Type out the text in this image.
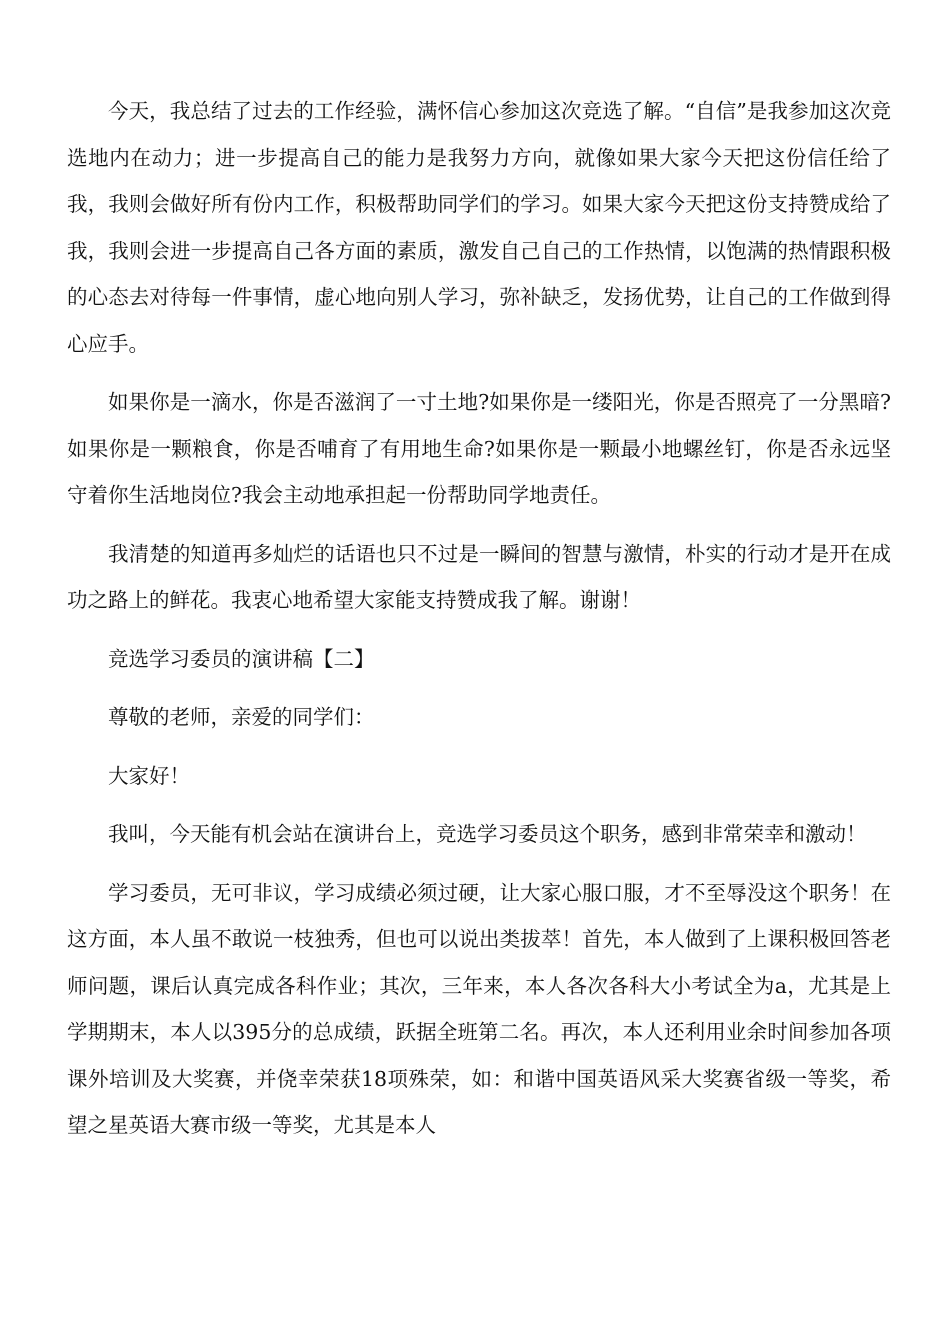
今天，我总结了过去的工作经验，满怀信心参加这次竞选了解。“自信”是我参加这次竞选地内在动力；进一步提高自己的能力是我努力方向，就像如果大家今天把这份信任给了我，我则会做好所有份内工作，积极帮助同学们的学习。如果大家今天把这份支持赞成给了我，我则会进一步提高自己各方面的素质，激发自己自己的工作热情，以饱满的热情跟积极的心态去对待每一件事情，虚心地向别人学习，弥补缺乏，发扬优势，让自己的工作做到得心应手。

如果你是一滴水，你是否滋润了一寸土地?如果你是一缕阳光，你是否照亮了一分黑暗?如果你是一颗粮食，你是否哺育了有用地生命?如果你是一颗最小地螺丝钉，你是否永远坚守着你生活地岗位?我会主动地承担起一份帮助同学地责任。

我清楚的知道再多灿烂的话语也只不过是一瞬间的智慧与激情，朴实的行动才是开在成功之路上的鲜花。我衷心地希望大家能支持赞成我了解。谢谢！

竞选学习委员的演讲稿【二】

尊敬的老师，亲爱的同学们：

大家好！

我叫，今天能有机会站在演讲台上，竞选学习委员这个职务，感到非常荣幸和激动！

学习委员，无可非议，学习成绩必须过硬，让大家心服口服，才不至辱没这个职务！在这方面，本人虽不敢说一枝独秀，但也可以说出类拔萃！首先，本人做到了上课积极回答老师问题，课后认真完成各科作业；其次，三年来，本人各次各科大小考试全为a，尤其是上学期期末，本人以395分的总成绩，跃据全班第二名。再次，本人还利用业余时间参加各项课外培训及大奖赛，并侥幸荣获18项殊荣，如：和谐中国英语风采大奖赛省级一等奖，希望之星英语大赛市级一等奖，尤其是本人
